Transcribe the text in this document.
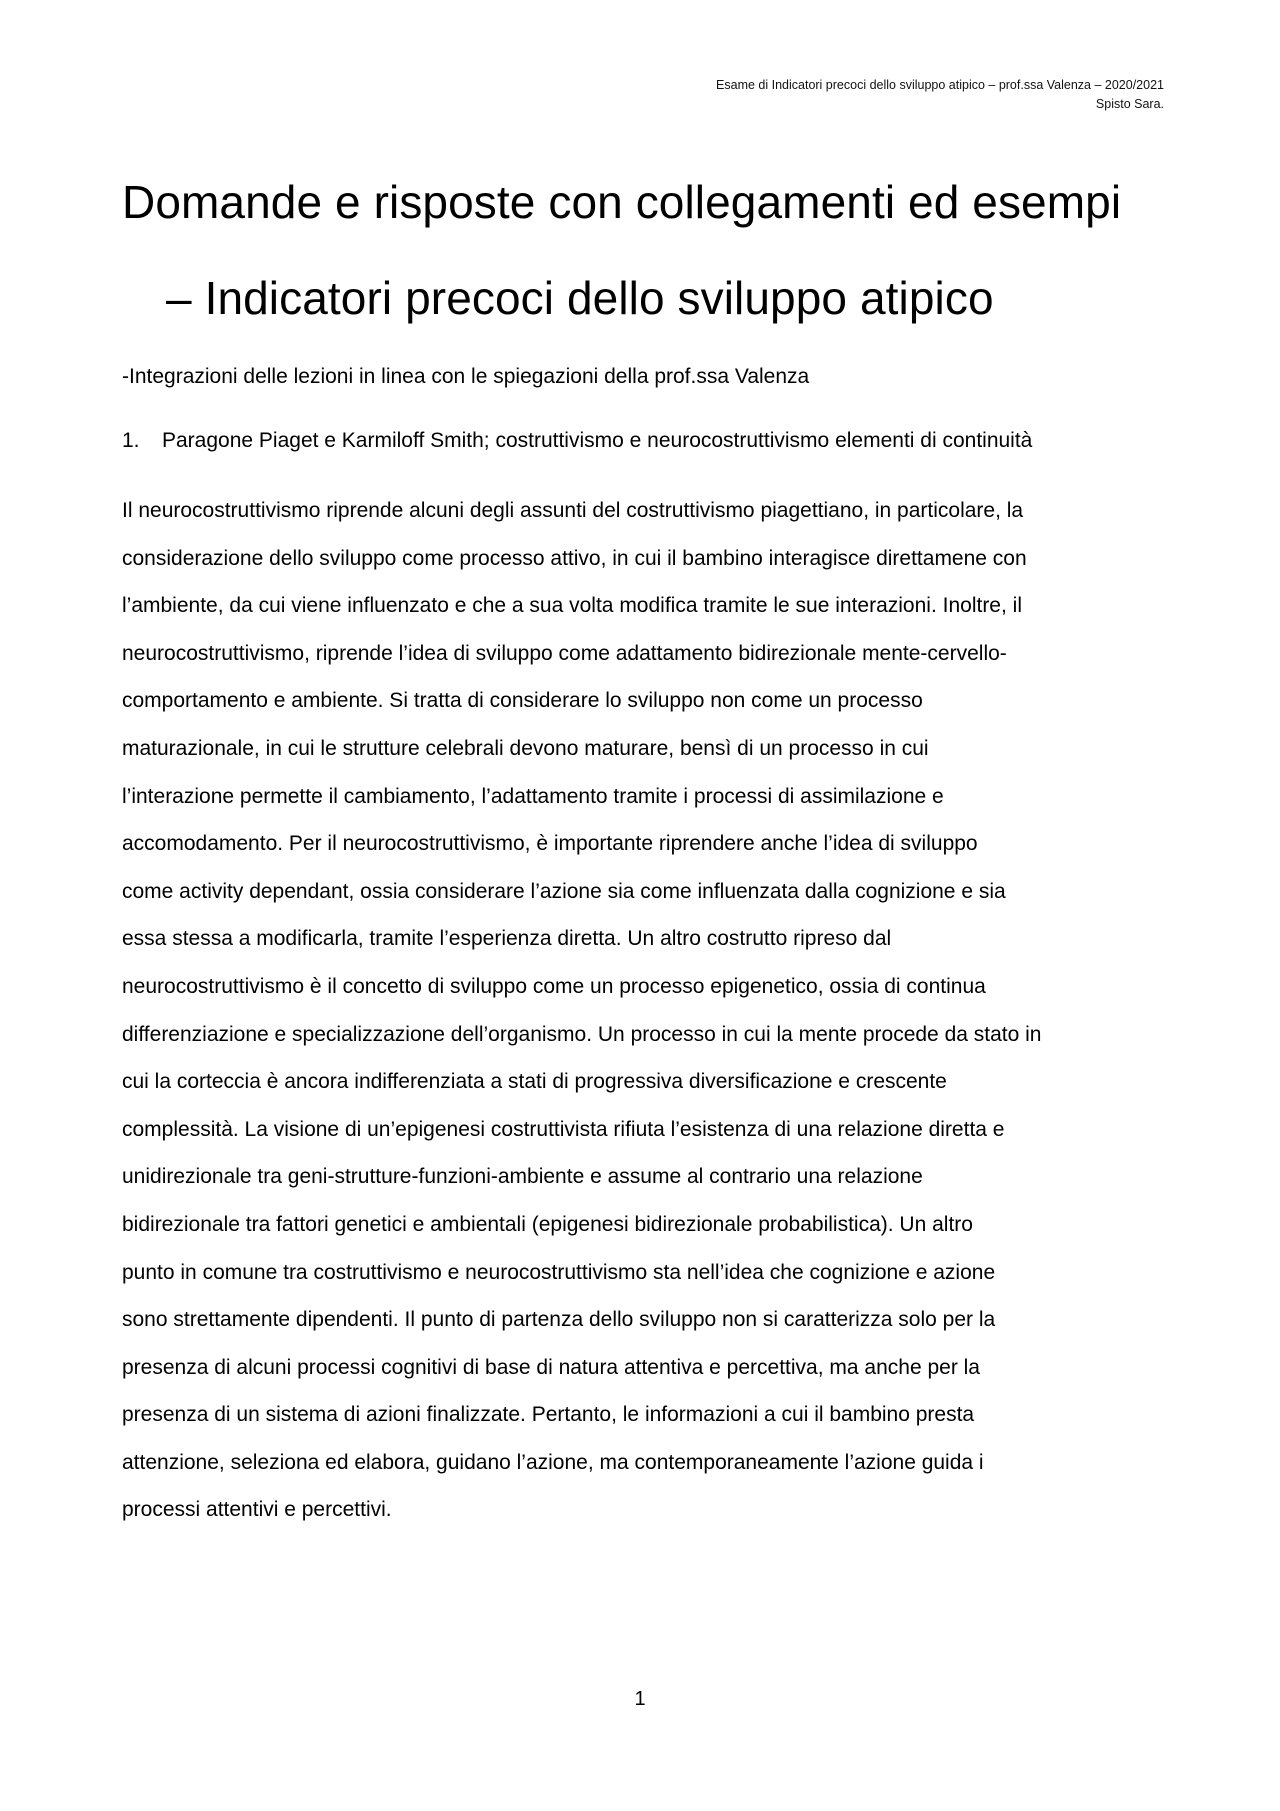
Esame di Indicatori precoci dello sviluppo atipico – prof.ssa Valenza – 2020/2021
Spisto Sara.
Domande e risposte con collegamenti ed esempi
– Indicatori precoci dello sviluppo atipico
-Integrazioni delle lezioni in linea con le spiegazioni della prof.ssa Valenza
1. Paragone Piaget e Karmiloff Smith; costruttivismo e neurocostruttivismo elementi di continuità

Il neurocostruttivismo riprende alcuni degli assunti del costruttivismo piagettiano, in particolare, la
considerazione dello sviluppo come processo attivo, in cui il bambino interagisce direttamene con
l’ambiente, da cui viene influenzato e che a sua volta modifica tramite le sue interazioni. Inoltre, il
neurocostruttivismo, riprende l’idea di sviluppo come adattamento bidirezionale mente-cervello-
comportamento e ambiente. Si tratta di considerare lo sviluppo non come un processo
maturazionale, in cui le strutture celebrali devono maturare, bensì di un processo in cui
l’interazione permette il cambiamento, l’adattamento tramite i processi di assimilazione e
accomodamento. Per il neurocostruttivismo, è importante riprendere anche l’idea di sviluppo
come activity dependant, ossia considerare l’azione sia come influenzata dalla cognizione e sia
essa stessa a modificarla, tramite l’esperienza diretta. Un altro costrutto ripreso dal
neurocostruttivismo è il concetto di sviluppo come un processo epigenetico, ossia di continua
differenziazione e specializzazione dell’organismo. Un processo in cui la mente procede da stato in
cui la corteccia è ancora indifferenziata a stati di progressiva diversificazione e crescente
complessità. La visione di un’epigenesi costruttivista rifiuta l’esistenza di una relazione diretta e
unidirezionale tra geni-strutture-funzioni-ambiente e assume al contrario una relazione
bidirezionale tra fattori genetici e ambientali (epigenesi bidirezionale probabilistica). Un altro
punto in comune tra costruttivismo e neurocostruttivismo sta nell’idea che cognizione e azione
sono strettamente dipendenti. Il punto di partenza dello sviluppo non si caratterizza solo per la
presenza di alcuni processi cognitivi di base di natura attentiva e percettiva, ma anche per la
presenza di un sistema di azioni finalizzate. Pertanto, le informazioni a cui il bambino presta
attenzione, seleziona ed elabora, guidano l’azione, ma contemporaneamente l’azione guida i
processi attentivi e percettivi.

1
